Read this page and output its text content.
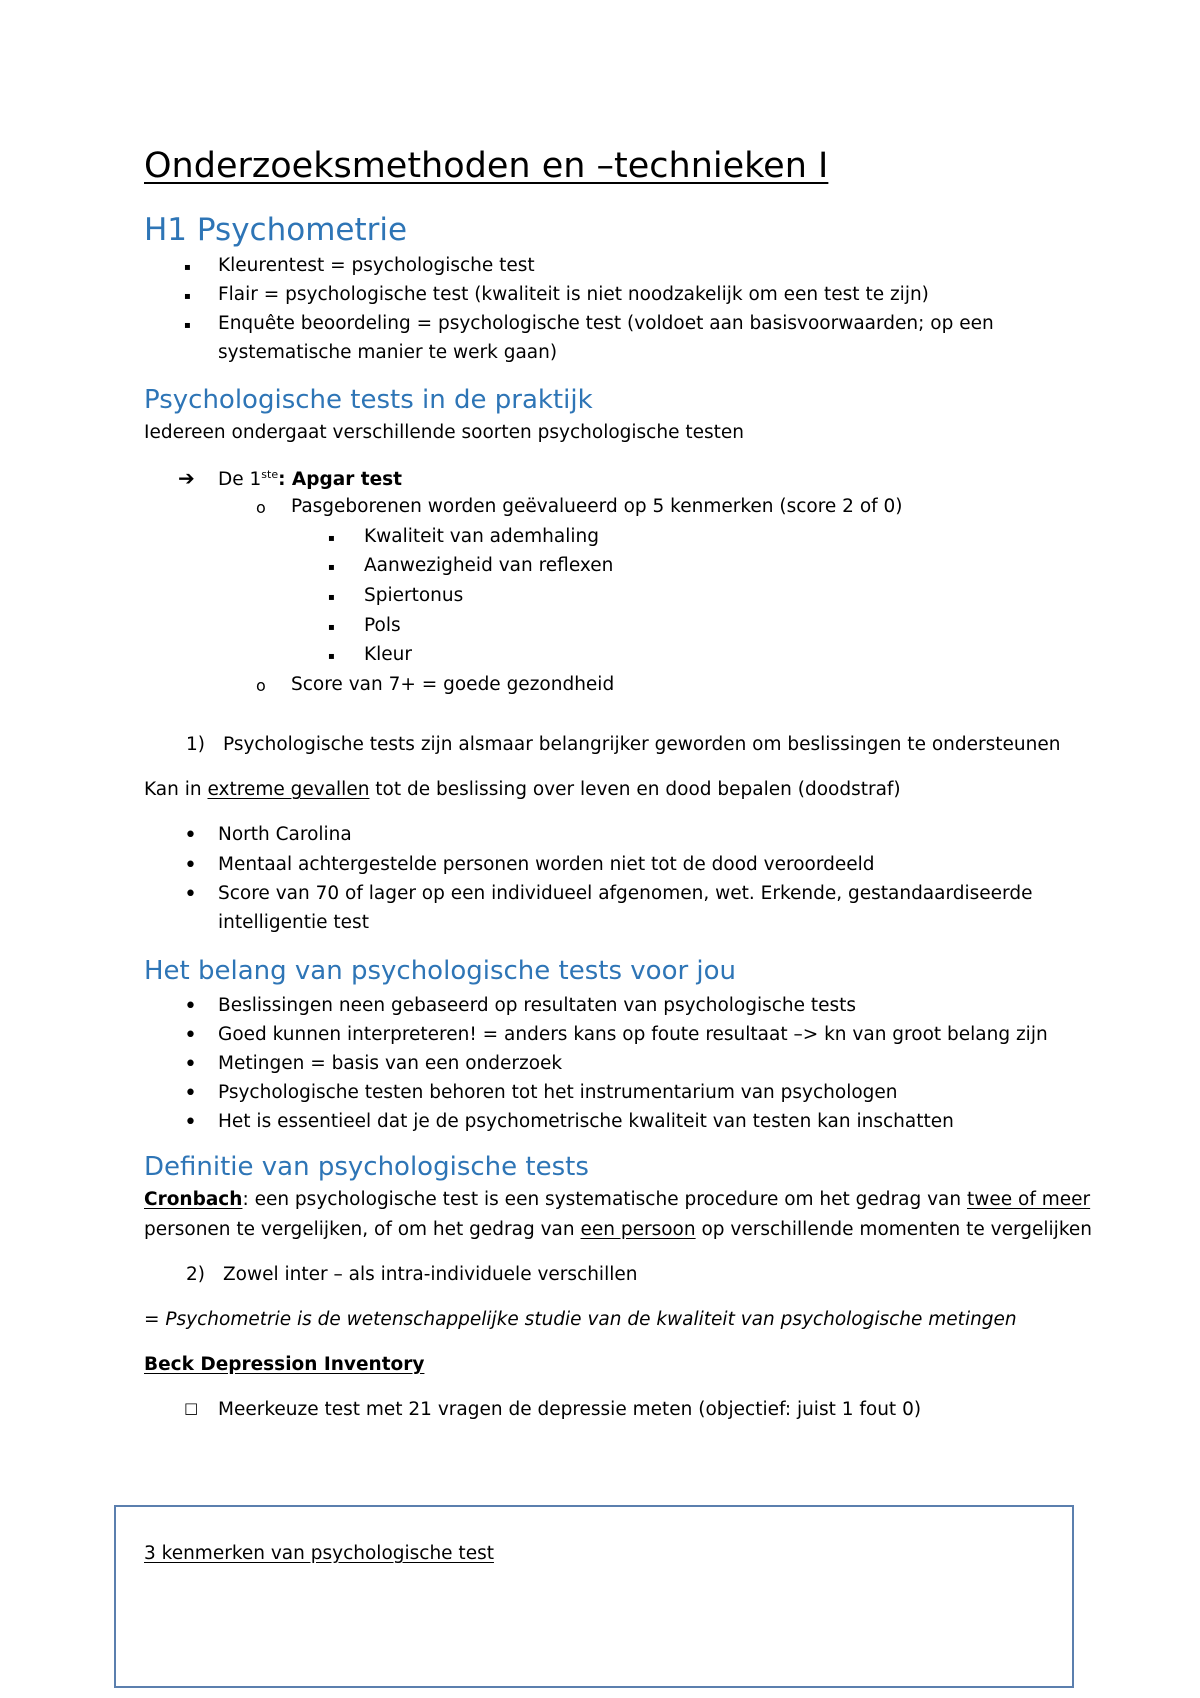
Onderzoeksmethoden en –technieken I
H1 Psychometrie
▪ Kleurentest = psychologische test
▪ Flair = psychologische test (kwaliteit is niet noodzakelijk om een test te zijn)
▪ Enquête beoordeling = psychologische test (voldoet aan basisvoorwaarden; op een
systematische manier te werk gaan)
Psychologische tests in de praktijk
Iedereen ondergaat verschillende soorten psychologische testen
➔ De 1ste: Apgar test
o Pasgeborenen worden geëvalueerd op 5 kenmerken (score 2 of 0)
▪ Kwaliteit van ademhaling
▪ Aanwezigheid van reflexen
▪ Spiertonus
▪ Pols
▪ Kleur
o Score van 7+ = goede gezondheid
1) Psychologische tests zijn alsmaar belangrijker geworden om beslissingen te ondersteunen
Kan in extreme gevallen tot de beslissing over leven en dood bepalen (doodstraf)
• North Carolina
• Mentaal achtergestelde personen worden niet tot de dood veroordeeld
• Score van 70 of lager op een individueel afgenomen, wet. Erkende, gestandaardiseerde
intelligentie test
Het belang van psychologische tests voor jou
• Beslissingen neen gebaseerd op resultaten van psychologische tests
• Goed kunnen interpreteren! = anders kans op foute resultaat –> kn van groot belang zijn
• Metingen = basis van een onderzoek
• Psychologische testen behoren tot het instrumentarium van psychologen
• Het is essentieel dat je de psychometrische kwaliteit van testen kan inschatten
Definitie van psychologische tests
Cronbach: een psychologische test is een systematische procedure om het gedrag van twee of meer
personen te vergelijken, of om het gedrag van een persoon op verschillende momenten te vergelijken
2) Zowel inter – als intra-individuele verschillen
= Psychometrie is de wetenschappelijke studie van de kwaliteit van psychologische metingen
Beck Depression Inventory
□ Meerkeuze test met 21 vragen de depressie meten (objectief: juist 1 fout 0)
3 kenmerken van psychologische test
